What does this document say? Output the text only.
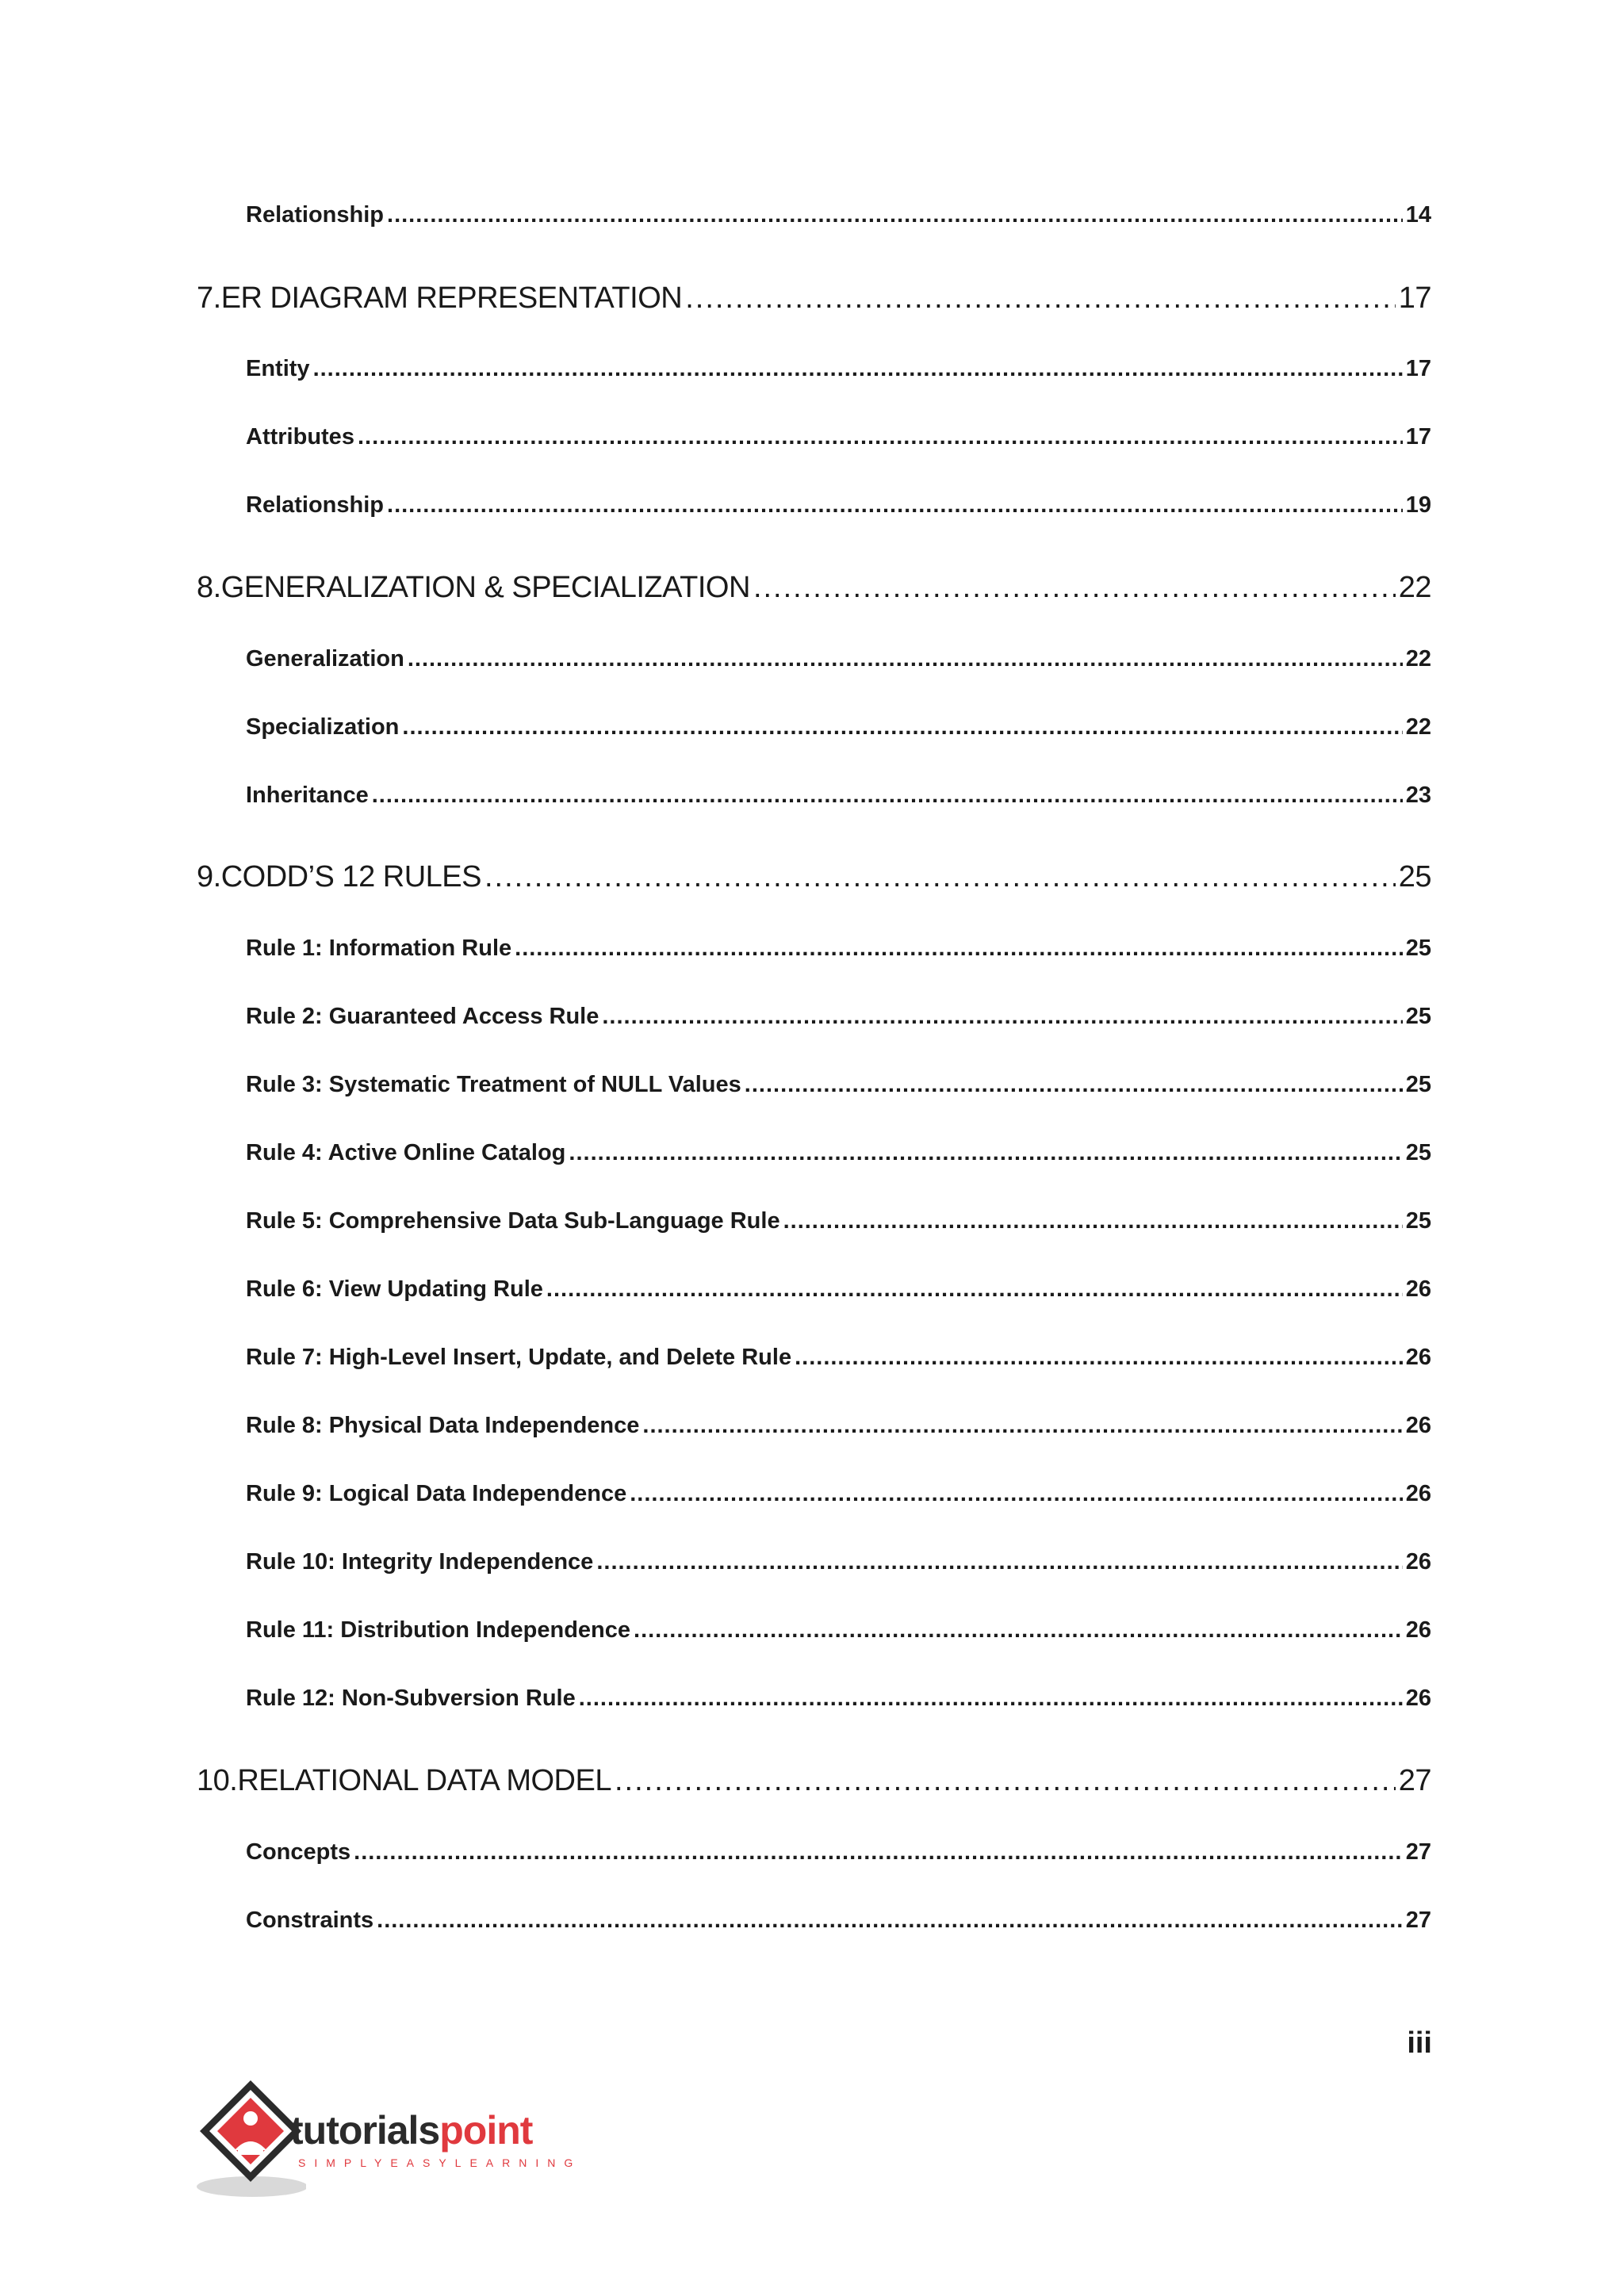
Relationship .....	14
7. ER DIAGRAM REPRESENTATION .....	17
Entity .....	17
Attributes .....	17
Relationship .....	19
8. GENERALIZATION & SPECIALIZATION .....	22
Generalization .....	22
Specialization .....	22
Inheritance .....	23
9. CODD’S 12 RULES .....	25
Rule 1: Information Rule .....	25
Rule 2: Guaranteed Access Rule .....	25
Rule 3: Systematic Treatment of NULL Values .....	25
Rule 4: Active Online Catalog .....	25
Rule 5: Comprehensive Data Sub-Language Rule .....	25
Rule 6: View Updating Rule .....	26
Rule 7: High-Level Insert, Update, and Delete Rule .....	26
Rule 8: Physical Data Independence .....	26
Rule 9: Logical Data Independence .....	26
Rule 10: Integrity Independence .....	26
Rule 11: Distribution Independence .....	26
Rule 12: Non-Subversion Rule .....	26
10. RELATIONAL DATA MODEL .....	27
Concepts .....	27
Constraints .....	27
iii
tutorialspoint
SIMPLYEASYLEARNING
